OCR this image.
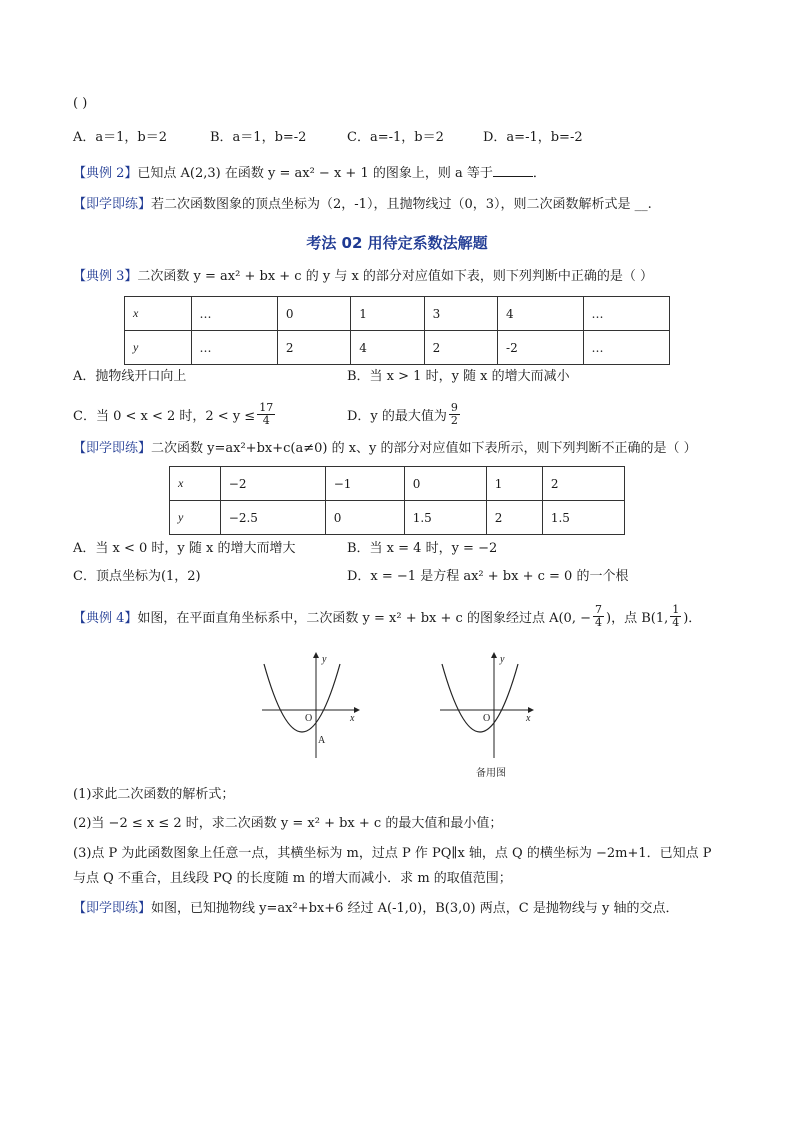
( )
A．a＝1，b＝2	B．a＝1，b=-2	C．a=-1，b＝2	D．a=-1，b=-2
【典例 2】已知点 A(2,3) 在函数 y = ax² − x + 1 的图象上，则 a 等于	．
【即学即练】若二次函数图象的顶点坐标为（2，-1），且抛物线过（0，3），则二次函数解析式是 __.
考法 02 用待定系数法解题
【典例 3】二次函数 y = ax² + bx + c 的 y 与 x 的部分对应值如下表，则下列判断中正确的是（ ）
x	…	0	1	3	4	…
y	…	2	4	2	-2	…
A．抛物线开口向上	B．当 x > 1 时，y 随 x 的增大而减小
C．当 0 < x < 2 时，$2 < y \le \frac{17}{4}$	D．y 的最大值为 $\frac{9}{2}$
【即学即练】二次函数 y=ax²+bx+c(a≠0) 的 x、y 的部分对应值如下表所示，则下列判断不正确的是（ ）
x	−2	−1	0	1	2
y	−2.5	0	1.5	2	1.5
A．当 x < 0 时，y 随 x 的增大而增大	B．当 x = 4 时，y = −2
C．顶点坐标为(1，2)	D．x = −1 是方程 ax² + bx + c = 0 的一个根
【典例 4】 如图，在平面直角坐标系中，二次函数 y = x² + bx + c 的图象经过点 A(0, − $\frac{7}{4}$ )，点 B(1, $\frac{1}{4}$ )．
y
x
O
A
y
x
O
备用图
(1)求此二次函数的解析式；
(2)当 −2 ≤ x ≤ 2 时，求二次函数 y = x² + bx + c 的最大值和最小值；
(3)点 P 为此函数图象上任意一点，其横坐标为 m，过点 P 作 PQ∥x 轴，点 Q 的横坐标为 −2m+1．已知点 P
与点 Q 不重合，且线段 PQ 的长度随 m 的增大而减小．求 m 的取值范围；
【即学即练】如图，已知抛物线 y=ax²+bx+6 经过 A(-1,0)，B(3,0) 两点，C 是抛物线与 y 轴的交点．
